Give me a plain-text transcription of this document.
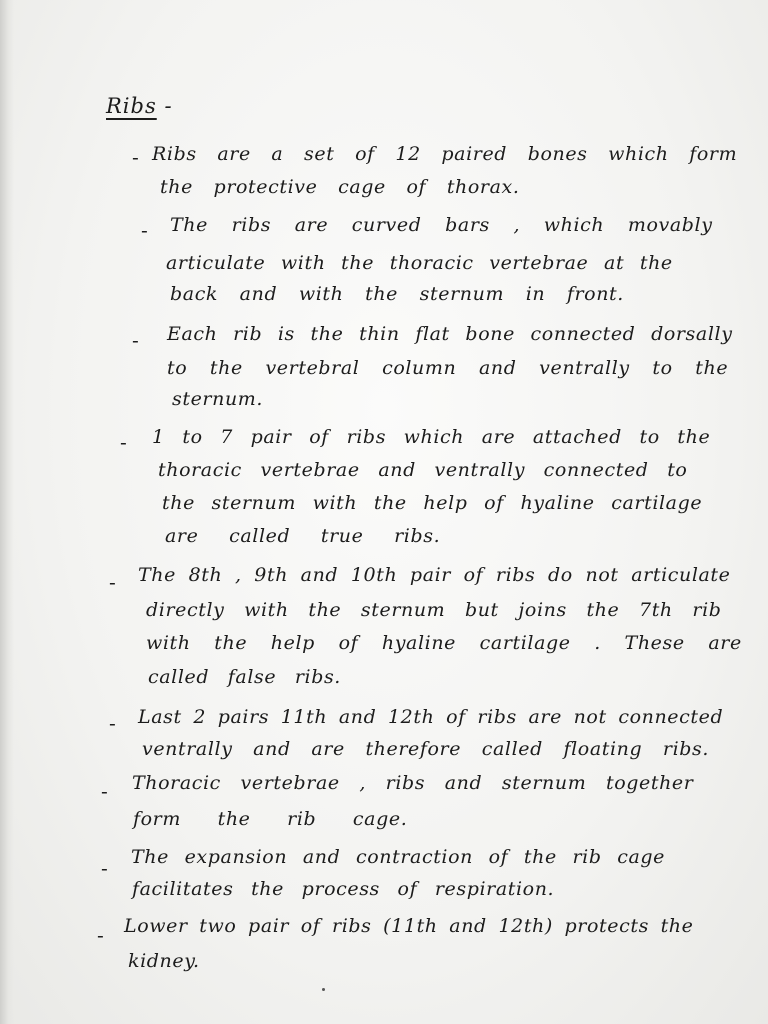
Ribs -
- Ribs are a set of 12 paired bones which form
the protective cage of thorax.
- The ribs are curved bars , which movably
articulate with the thoracic vertebrae at the
back and with the sternum in front.
- Each rib is the thin flat bone connected dorsally
to the vertebral column and ventrally to the
sternum.
- 1 to 7 pair of ribs which are attached to the
thoracic vertebrae and ventrally connected to
the sternum with the help of hyaline cartilage
are called true ribs.
- The 8th , 9th and 10th pair of ribs do not articulate
directly with the sternum but joins the 7th rib
with the help of hyaline cartilage . These are
called false ribs.
- Last 2 pairs 11th and 12th of ribs are not connected
ventrally and are therefore called floating ribs.
- Thoracic vertebrae , ribs and sternum together
form the rib cage.
- The expansion and contraction of the rib cage
facilitates the process of respiration.
- Lower two pair of ribs (11th and 12th) protects the
kidney.
